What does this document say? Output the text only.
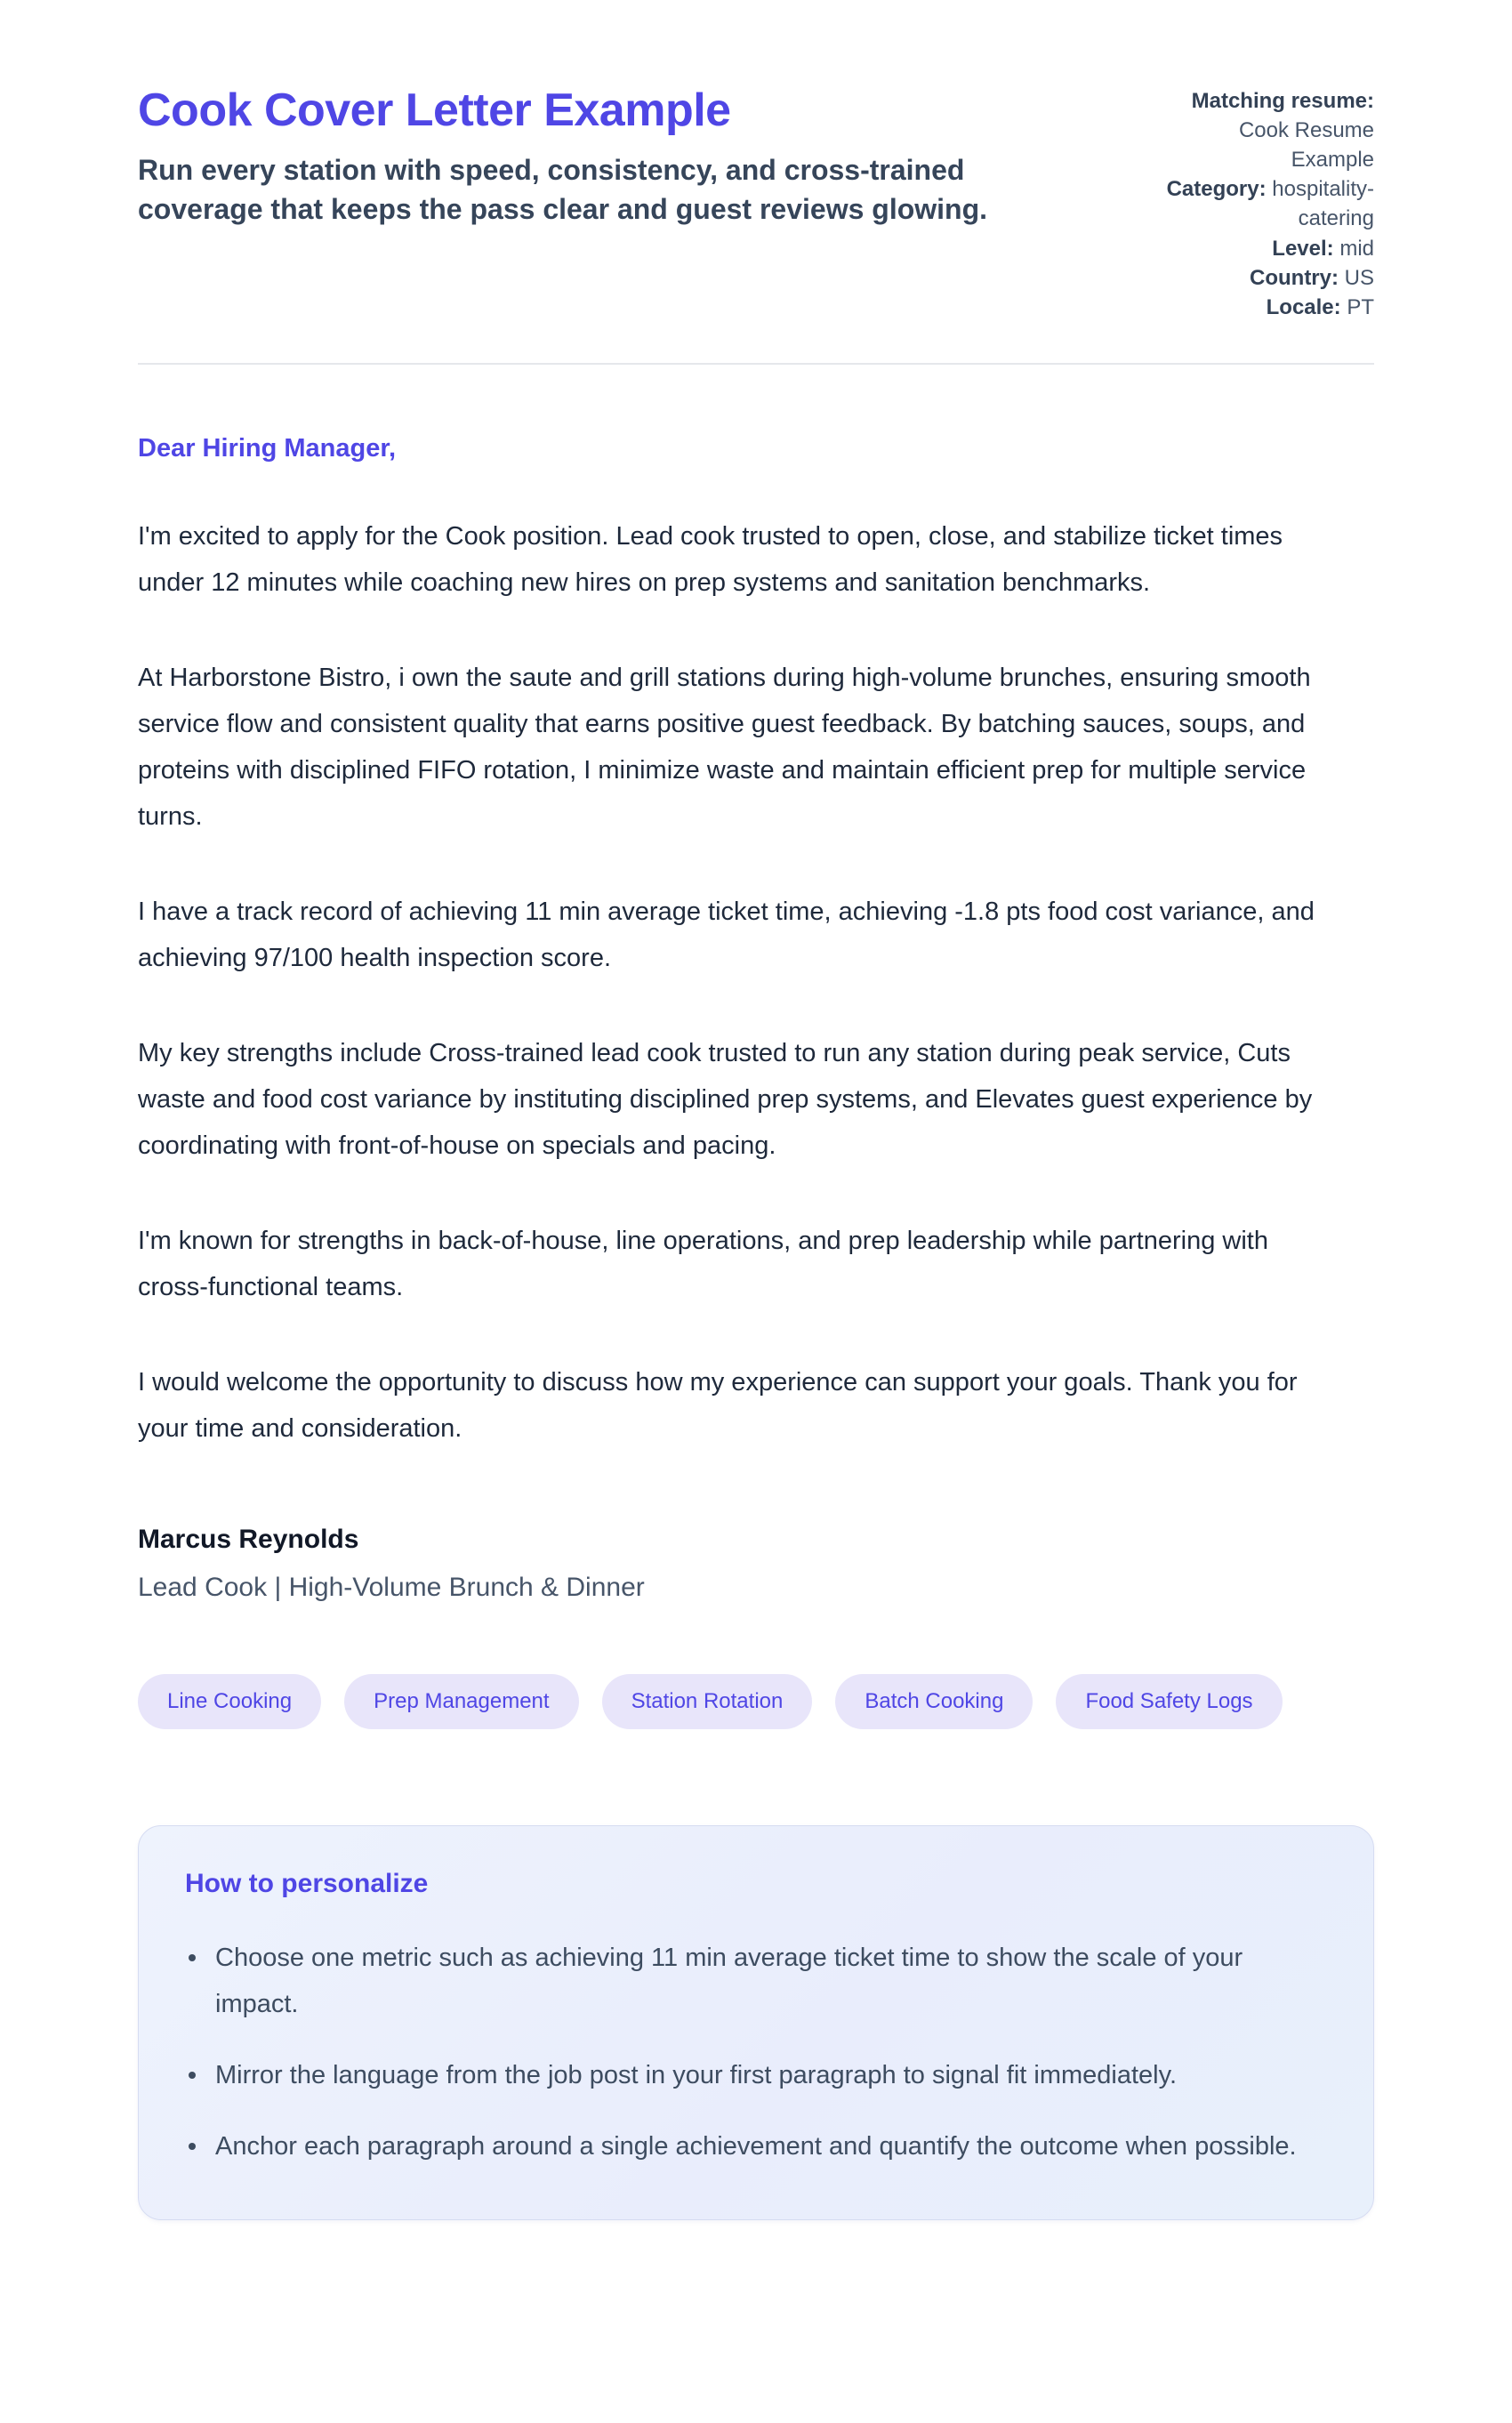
Cook Cover Letter Example

Run every station with speed, consistency, and cross-trained coverage that keeps the pass clear and guest reviews glowing.

Matching resume: Cook Resume Example
Category: hospitality-catering
Level: mid
Country: US
Locale: PT

Dear Hiring Manager,

I'm excited to apply for the Cook position. Lead cook trusted to open, close, and stabilize ticket times under 12 minutes while coaching new hires on prep systems and sanitation benchmarks.

At Harborstone Bistro, i own the saute and grill stations during high-volume brunches, ensuring smooth service flow and consistent quality that earns positive guest feedback. By batching sauces, soups, and proteins with disciplined FIFO rotation, I minimize waste and maintain efficient prep for multiple service turns.

I have a track record of achieving 11 min average ticket time, achieving -1.8 pts food cost variance, and achieving 97/100 health inspection score.

My key strengths include Cross-trained lead cook trusted to run any station during peak service, Cuts waste and food cost variance by instituting disciplined prep systems, and Elevates guest experience by coordinating with front-of-house on specials and pacing.

I'm known for strengths in back-of-house, line operations, and prep leadership while partnering with cross-functional teams.

I would welcome the opportunity to discuss how my experience can support your goals. Thank you for your time and consideration.

Marcus Reynolds

Lead Cook | High-Volume Brunch & Dinner

Line Cooking	Prep Management	Station Rotation	Batch Cooking	Food Safety Logs
How to personalize
Choose one metric such as achieving 11 min average ticket time to show the scale of your impact.
Mirror the language from the job post in your first paragraph to signal fit immediately.
Anchor each paragraph around a single achievement and quantify the outcome when possible.
